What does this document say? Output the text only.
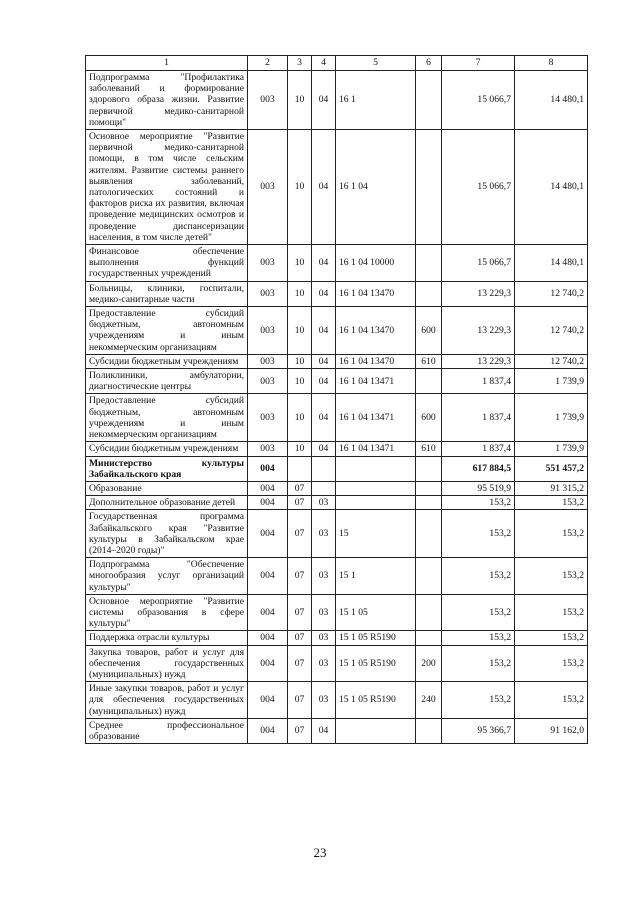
1	2	3	4	5	6	7	8
Подпрограмма "Профилактика заболеваний и формирование здорового образа жизни. Развитие первичной медико-санитарной помощи"	003	10	04	16 1		15 066,7	14 480,1
Основное мероприятие "Развитие первичной медико-санитарной помощи, в том числе сельским жителям. Развитие системы раннего выявления заболеваний, патологических состояний и факторов риска их развития, включая проведение медицинских осмотров и проведение диспансеризации населения, в том числе детей"	003	10	04	16 1 04		15 066,7	14 480,1
Финансовое обеспечение выполнения функций государственных учреждений	003	10	04	16 1 04 10000		15 066,7	14 480,1
Больницы, клиники, госпитали, медико-санитарные части	003	10	04	16 1 04 13470		13 229,3	12 740,2
Предоставление субсидий бюджетным, автономным учреждениям и иным некоммерческим организациям	003	10	04	16 1 04 13470	600	13 229,3	12 740,2
Субсидии бюджетным учреждениям	003	10	04	16 1 04 13470	610	13 229,3	12 740,2
Поликлиники, амбулатории, диагностические центры	003	10	04	16 1 04 13471		1 837,4	1 739,9
Предоставление субсидий бюджетным, автономным учреждениям и иным некоммерческим организациям	003	10	04	16 1 04 13471	600	1 837,4	1 739,9
Субсидии бюджетным учреждениям	003	10	04	16 1 04 13471	610	1 837,4	1 739,9
Министерство культуры Забайкальского края	004					617 884,5	551 457,2
Образование	004	07				95 519,9	91 315,2
Дополнительное образование детей	004	07	03			153,2	153,2
Государственная программа Забайкальского края "Развитие культуры в Забайкальском крае (2014–2020 годы)"	004	07	03	15		153,2	153,2
Подпрограмма "Обеспечение многообразия услуг организаций культуры"	004	07	03	15 1		153,2	153,2
Основное мероприятие "Развитие системы образования в сфере культуры"	004	07	03	15 1 05		153,2	153,2
Поддержка отрасли культуры	004	07	03	15 1 05 R5190		153,2	153,2
Закупка товаров, работ и услуг для обеспечения государственных (муниципальных) нужд	004	07	03	15 1 05 R5190	200	153,2	153,2
Иные закупки товаров, работ и услуг для обеспечения государственных (муниципальных) нужд	004	07	03	15 1 05 R5190	240	153,2	153,2
Среднее профессиональное образование	004	07	04			95 366,7	91 162,0
23
